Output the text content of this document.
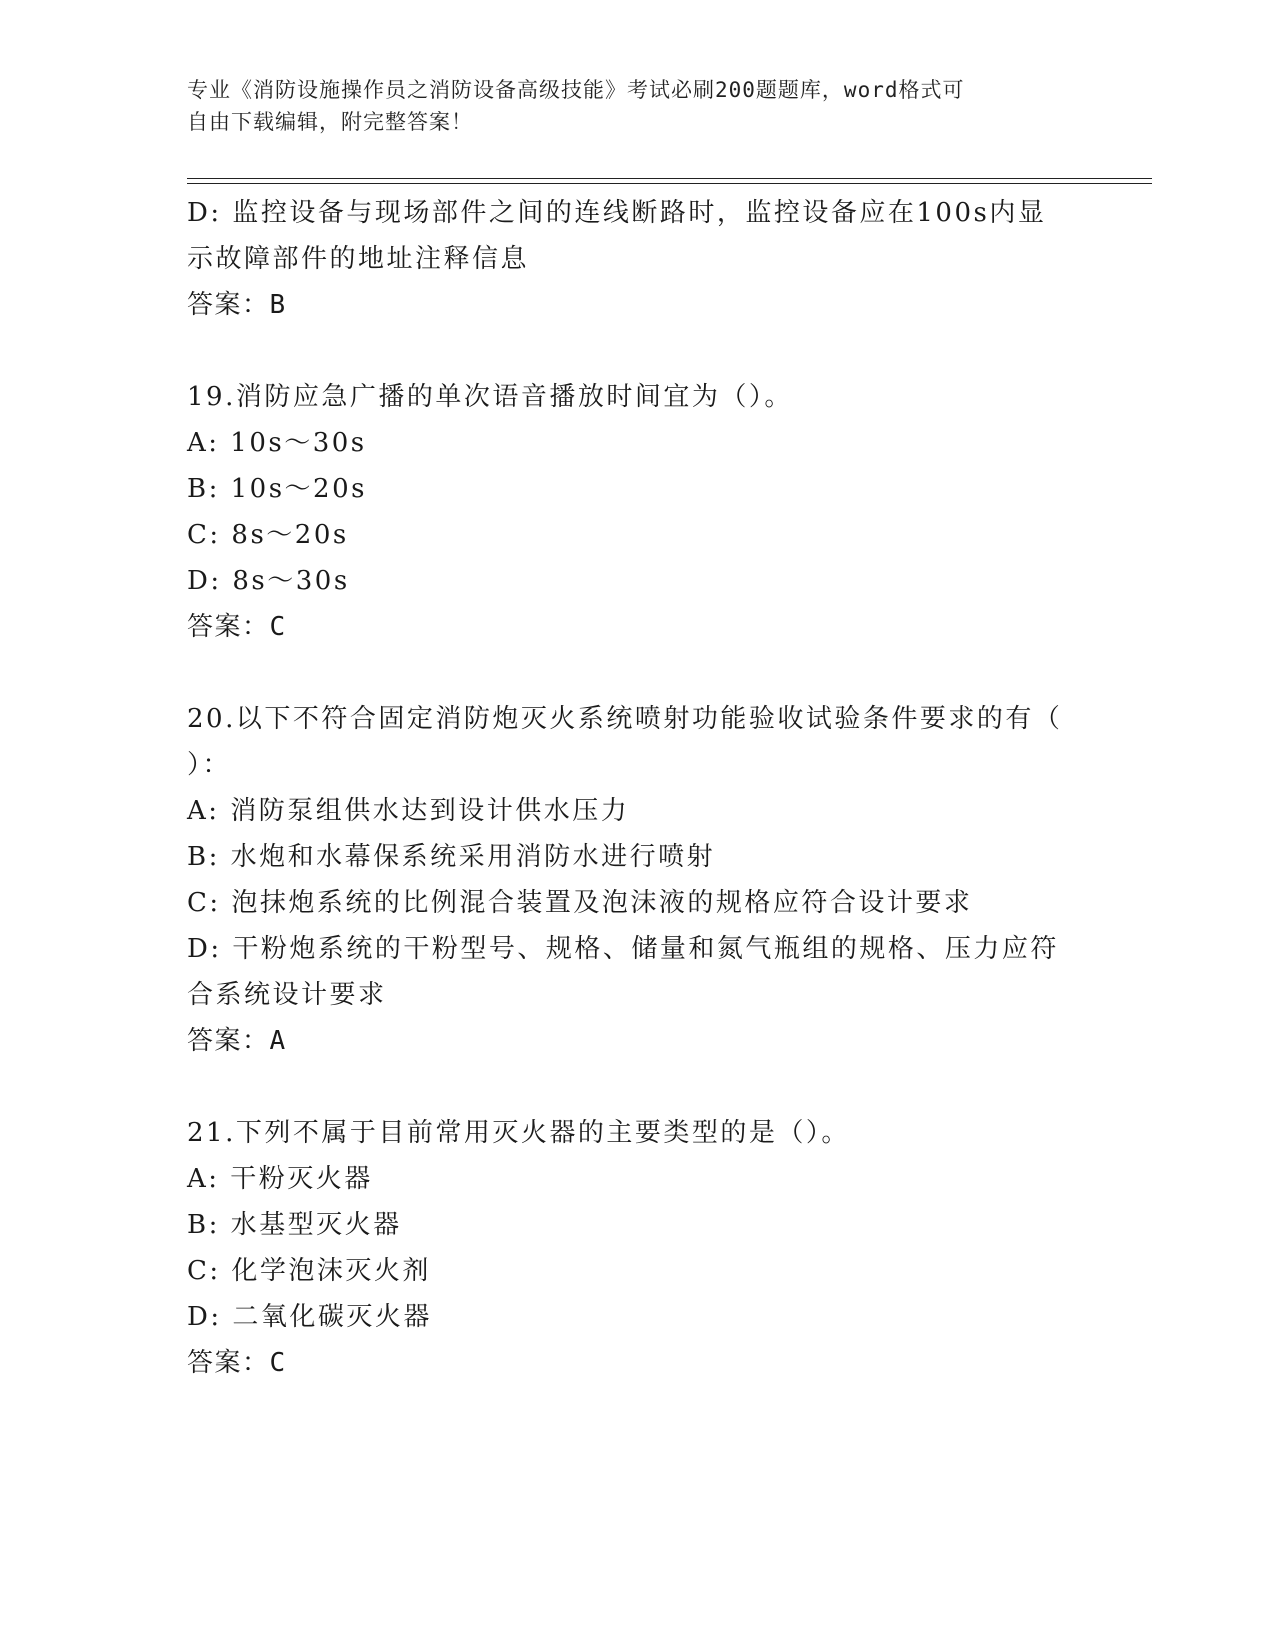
专业《消防设施操作员之消防设备高级技能》考试必刷200题题库，word格式可
自由下载编辑，附完整答案！

D: 监控设备与现场部件之间的连线断路时，监控设备应在100s内显

示故障部件的地址注释信息

答案：B

19.消防应急广播的单次语音播放时间宜为（）。

A: 10s～30s

B: 10s～20s

C: 8s～20s

D: 8s～30s

答案：C

20.以下不符合固定消防炮灭火系统喷射功能验收试验条件要求的有（

）：

A: 消防泵组供水达到设计供水压力

B: 水炮和水幕保系统采用消防水进行喷射

C: 泡抹炮系统的比例混合装置及泡沫液的规格应符合设计要求

D: 干粉炮系统的干粉型号、规格、储量和氮气瓶组的规格、压力应符

合系统设计要求

答案：A

21.下列不属于目前常用灭火器的主要类型的是（）。

A: 干粉灭火器

B: 水基型灭火器

C: 化学泡沫灭火剂

D: 二氧化碳灭火器

答案：C
